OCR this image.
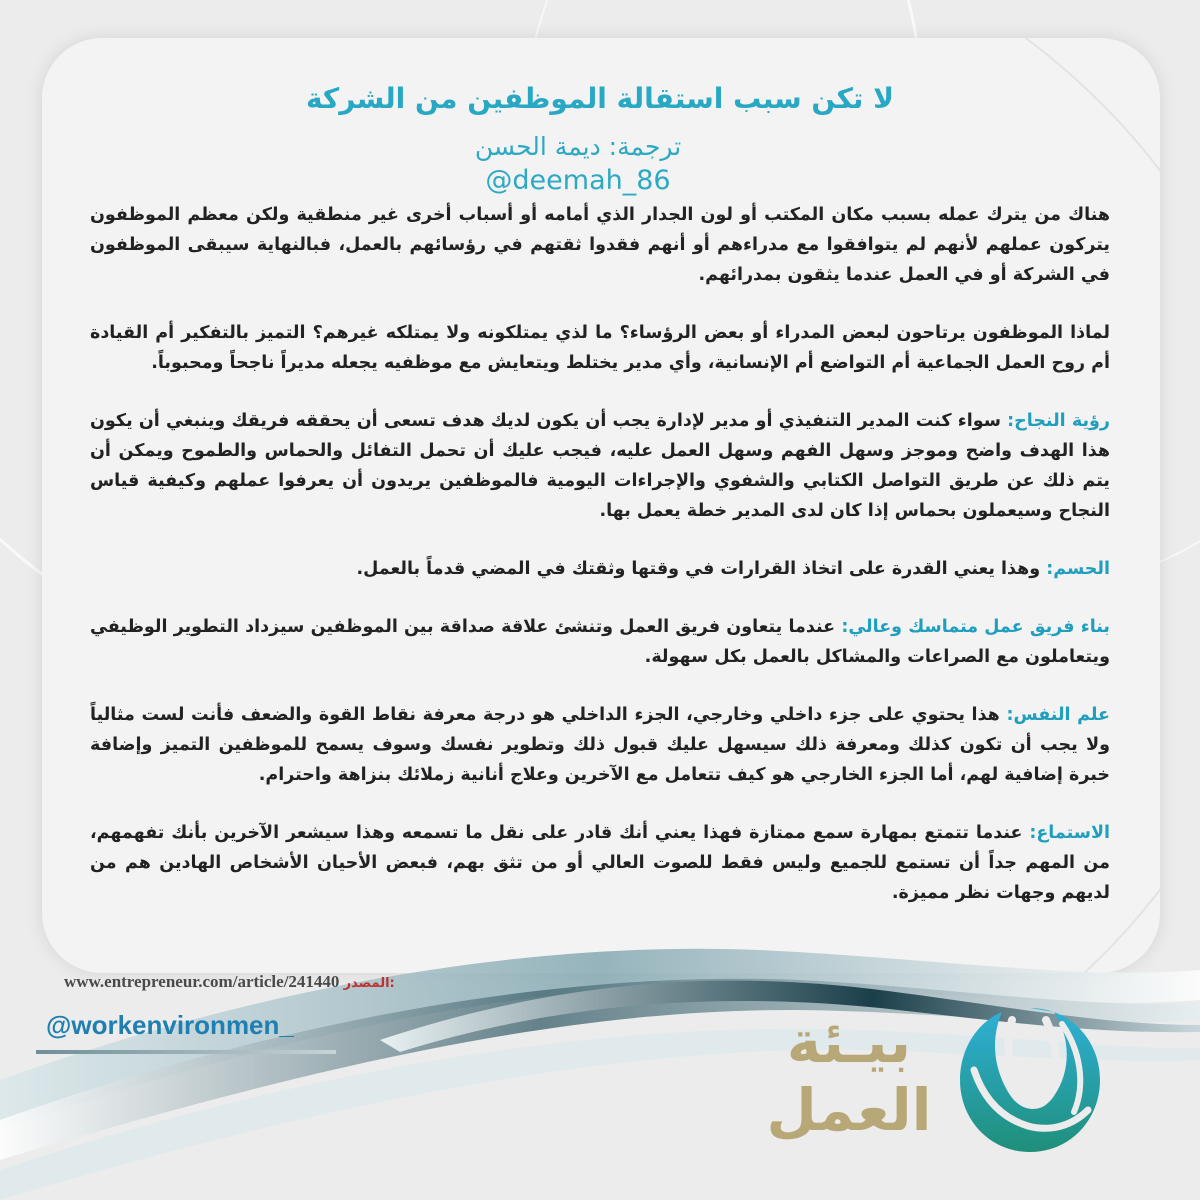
لا تكن سبب استقالة الموظفين من الشركة
ترجمة: ديمة الحسن
@deemah_86

هناك من يترك عمله بسبب مكان المكتب أو لون الجدار الذي أمامه أو أسباب أخرى غير منطقية ولكن معظم الموظفون يتركون عملهم لأنهم لم يتوافقوا مع مدراءهم أو أنهم فقدوا ثقتهم في رؤسائهم بالعمل، فبالنهاية سيبقى الموظفون في الشركة أو في العمل عندما يثقون بمدرائهم.

لماذا الموظفون يرتاحون لبعض المدراء أو بعض الرؤساء؟ ما لذي يمتلكونه ولا يمتلكه غيرهم؟ التميز بالتفكير أم القيادة أم روح العمل الجماعية أم التواضع أم الإنسانية، وأي مدير يختلط ويتعايش مع موظفيه يجعله مديراً ناجحاً ومحبوباً.

رؤية النجاح: سواء كنت المدير التنفيذي أو مدير لإدارة يجب أن يكون لديك هدف تسعى أن يحققه فريقك وينبغي أن يكون هذا الهدف واضح وموجز وسهل الفهم وسهل العمل عليه، فيجب عليك أن تحمل التفائل والحماس والطموح ويمكن أن يتم ذلك عن طريق التواصل الكتابي والشفوي والإجراءات اليومية فالموظفين يريدون أن يعرفوا عملهم وكيفية قياس النجاح وسيعملون بحماس إذا كان لدى المدير خطة يعمل بها.

الحسم: وهذا يعني القدرة على اتخاذ القرارات في وقتها وثقتك في المضي قدماً بالعمل.

بناء فريق عمل متماسك وعالي: عندما يتعاون فريق العمل وتنشئ علاقة صداقة بين الموظفين سيزداد التطوير الوظيفي ويتعاملون مع الصراعات والمشاكل بالعمل بكل سهولة.

علم النفس: هذا يحتوي على جزء داخلي وخارجي، الجزء الداخلي هو درجة معرفة نقاط القوة والضعف فأنت لست مثالياً ولا يجب أن تكون كذلك ومعرفة ذلك سيسهل عليك قبول ذلك وتطوير نفسك وسوف يسمح للموظفين التميز وإضافة خبرة إضافية لهم، أما الجزء الخارجي هو كيف تتعامل مع الآخرين وعلاج أنانية زملائك بنزاهة واحترام.

الاستماع: عندما تتمتع بمهارة سمع ممتازة فهذا يعني أنك قادر على نقل ما تسمعه وهذا سيشعر الآخرين بأنك تفهمهم، من المهم جداً أن تستمع للجميع وليس فقط للصوت العالي أو من تثق بهم، فبعض الأحيان الأشخاص الهادين هم من لديهم وجهات نظر مميزة.

www.entrepreneur.com/article/241440 المصدر:
@workenvironmen_	بيـئة
العمل
